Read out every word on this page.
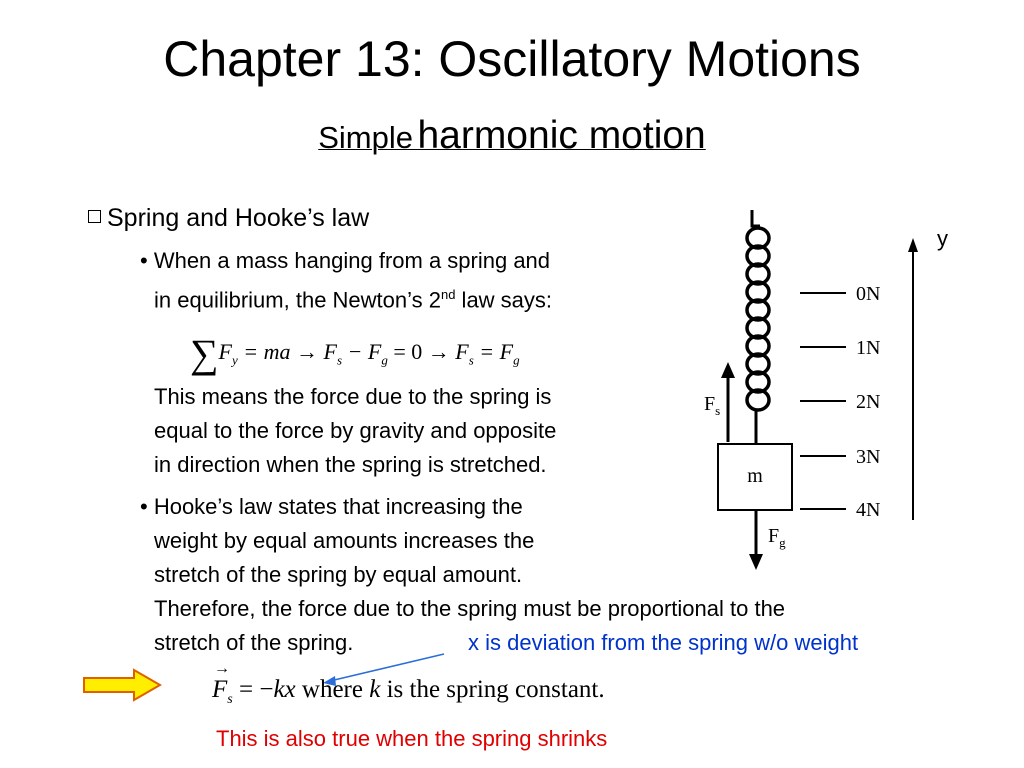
Chapter 13: Oscillatory Motions
Simple harmonic motion
Spring and Hooke’s law
• When a mass hanging from a spring and
in equilibrium, the Newton’s 2nd law says:
$\sum F_y$ = ma → $F_s - F_g = 0 \to F_s = F_g$
This means the force due to the spring is
equal to the force by gravity and opposite
in direction when the spring is stretched.
• Hooke’s law states that increasing the
weight by equal amounts increases the
stretch of the spring by equal amount.
Therefore, the force due to the spring must be proportional to the
stretch of the spring.	x is deviation from the spring w/o weight
→
$F_s = -kx$ where k is the spring constant.
This is also true when the spring shrinks
$F_s$
m
$F_g$
0N
1N
2N
3N
4N
y
